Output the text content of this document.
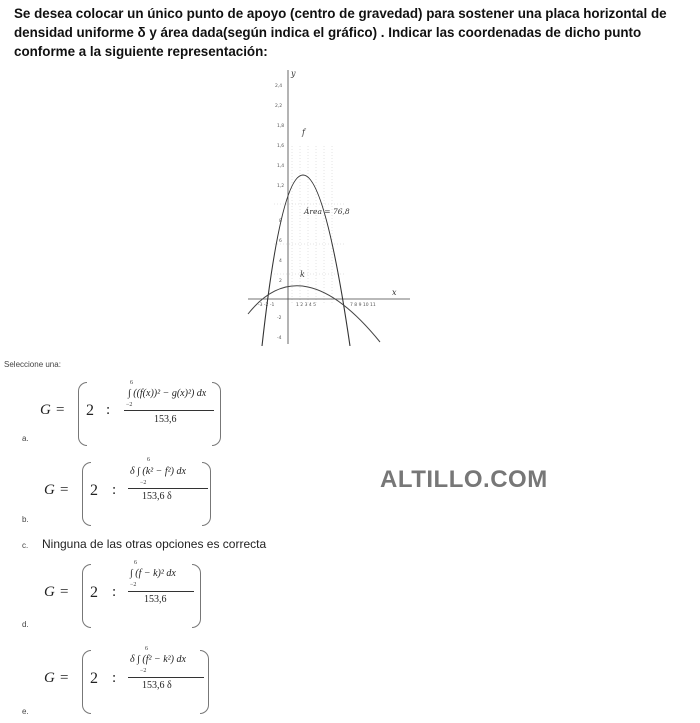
Se desea colocar un único punto de apoyo (centro de gravedad) para sostener una placa horizontal de densidad uniforme δ y área dada(según indica el gráfico) . Indicar las coordenadas de dicho punto conforme a la siguiente representación:
2,4
2,2
1,8
1,6
1,4
1,2
8
6
4
2
-2
-4
-3 -2 -1	1 2 3 4 5	7 8 9 10 11
x
y
f
k
Área = 76,8
Seleccione una:
a.
G = 2 :
6
∫ ((f(x))² − g(x)²) dx
−2
153,6
b.
G = 2 :
6
δ ∫ (k² − f²) dx
−2
153,6 δ
c. Ninguna de las otras opciones es correcta
d.
G = 2 :
6
∫ (f − k)² dx
−2
153,6
e.
G = 2 :
6
δ ∫ (f² − k²) dx
−2
153,6 δ
ALTILLO.COM
